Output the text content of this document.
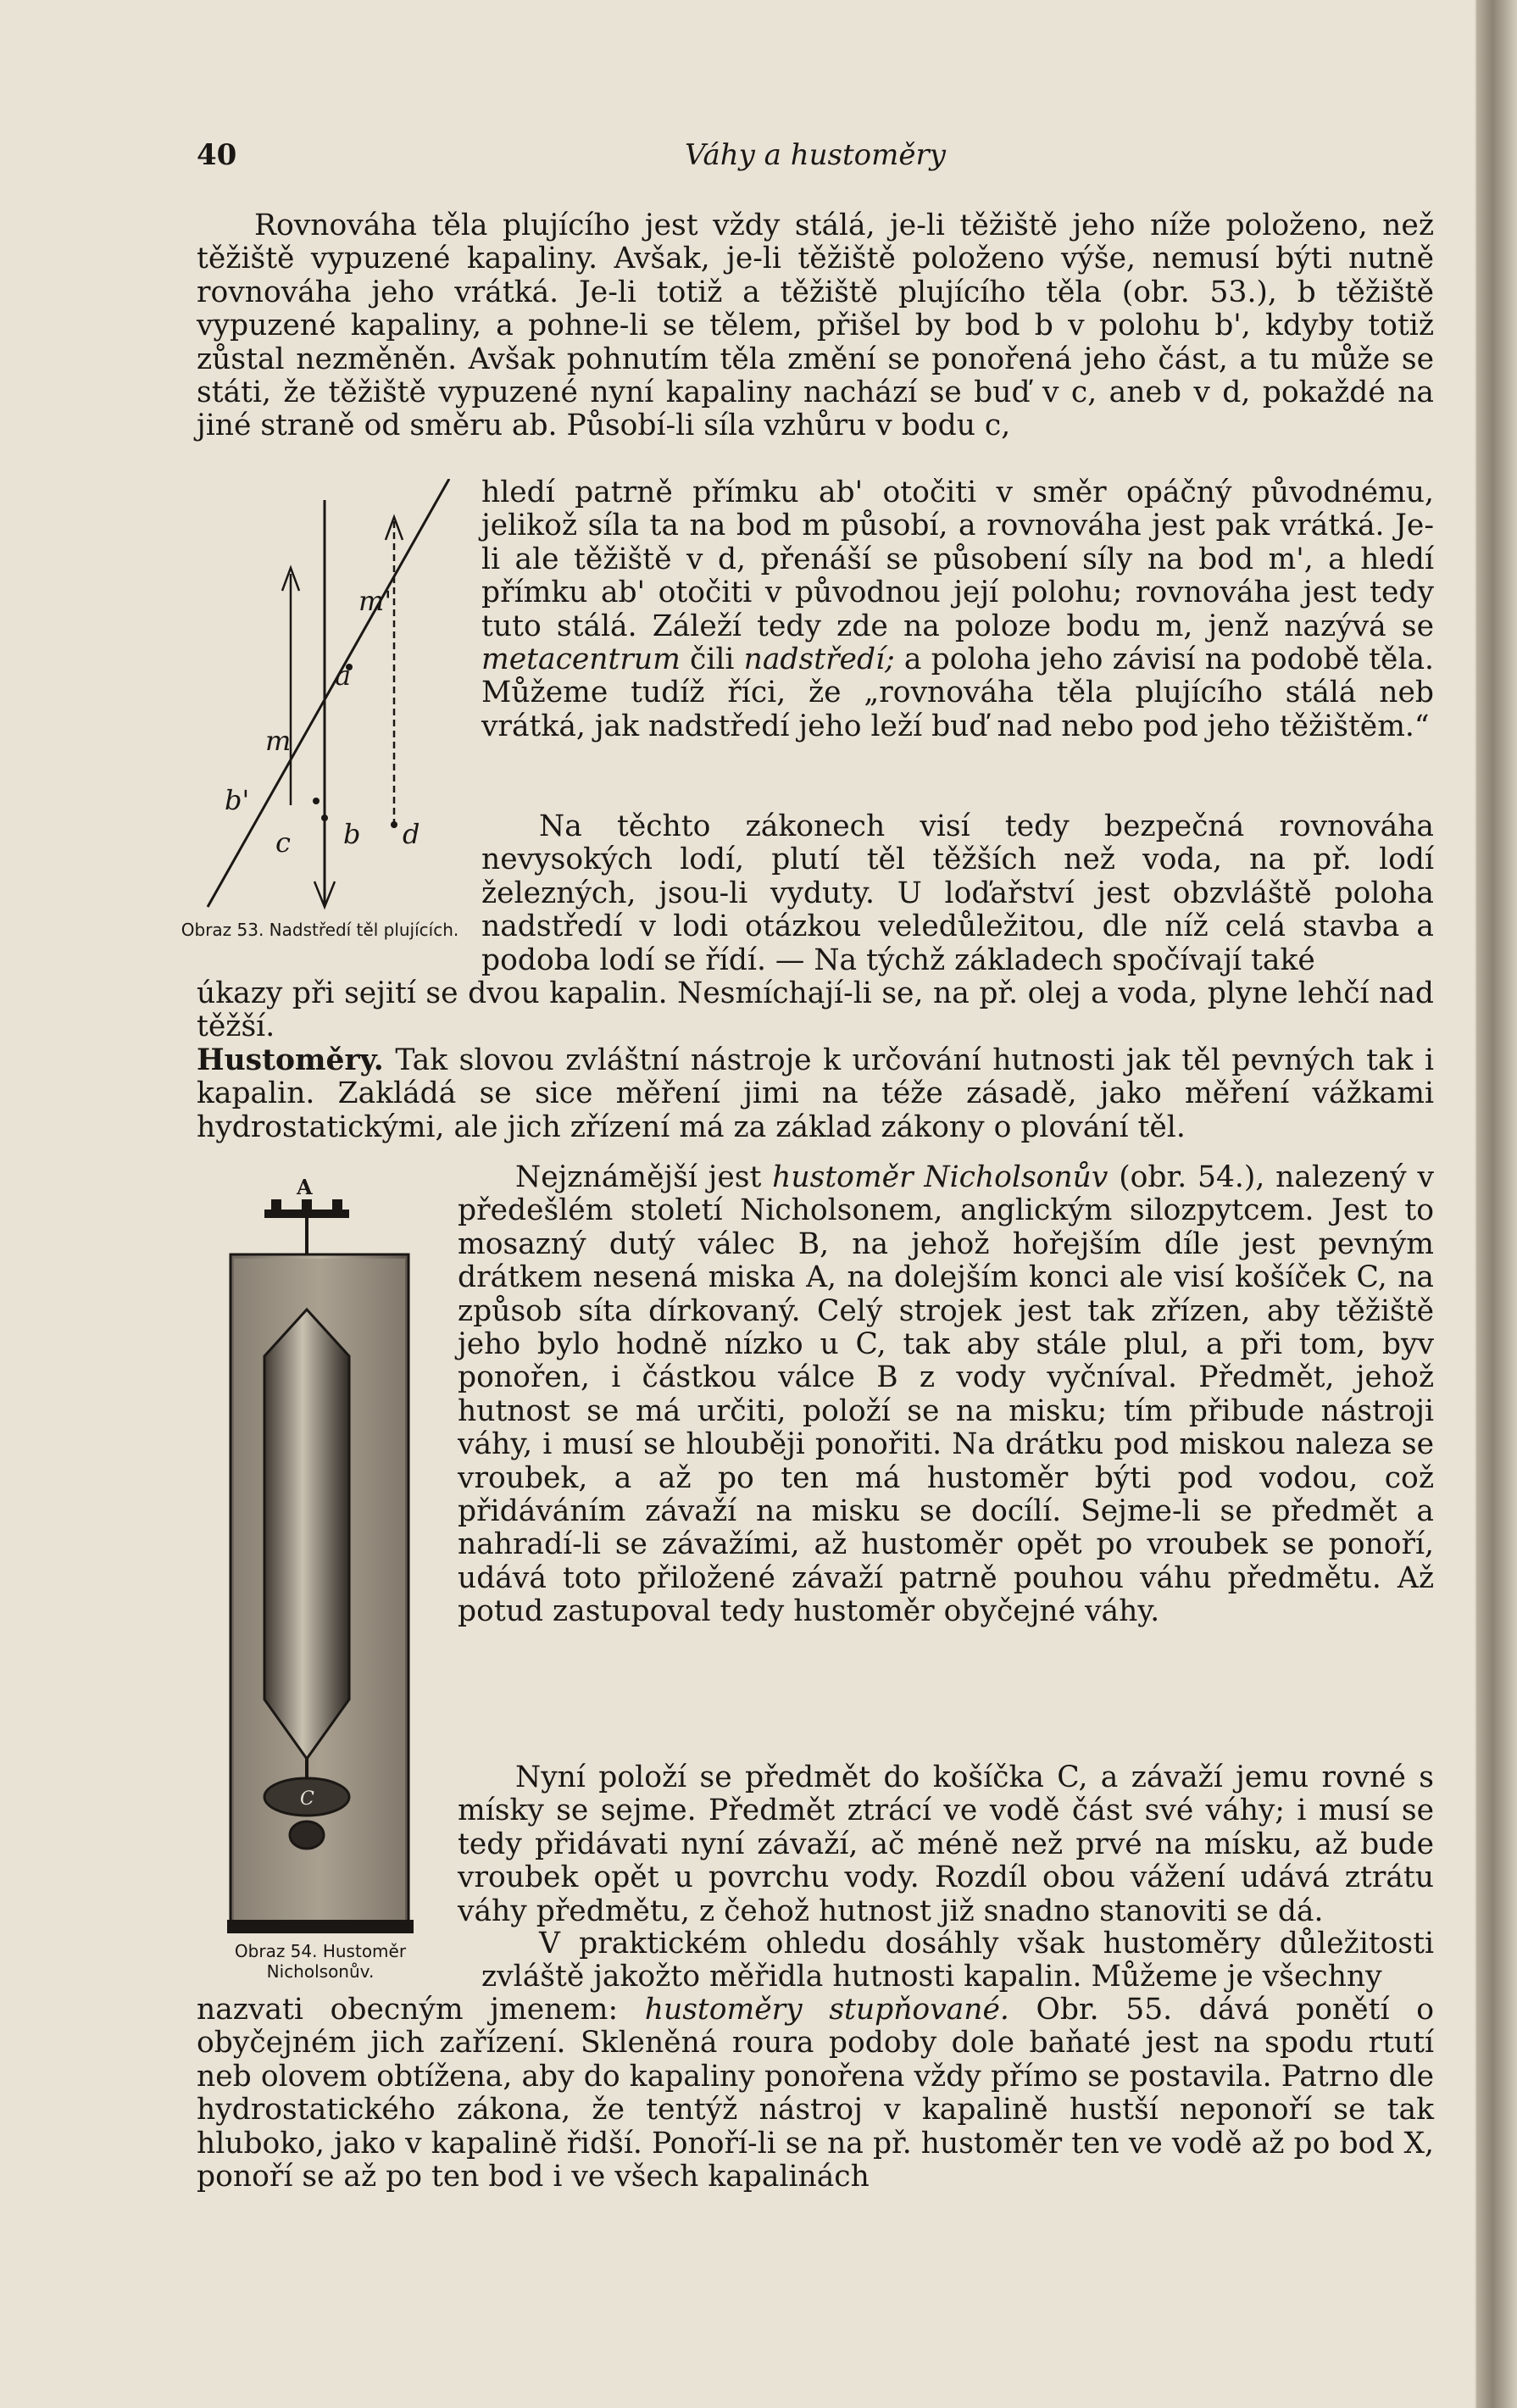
40	Váhy a hustoměry

Rovnováha těla plujícího jest vždy stálá, je-li těžiště jeho níže položeno, než těžiště vypuzené kapaliny. Avšak, je-li těžiště položeno výše, nemusí býti nutně rovnováha jeho vrátká. Je-li totiž a těžiště plujícího těla (obr. 53.), b těžiště vypuzené kapaliny, a pohne-li se tělem, přišel by bod b v polohu b', kdyby totiž zůstal nezměněn. Avšak pohnutím těla změní se ponořená jeho část, a tu může se státi, že těžiště vypuzené nyní kapaliny nachází se buď v c, aneb v d, pokaždé na jiné straně od směru ab. Působí-li síla vzhůru v bodu c,

m'
a
m
b'
c b d
Obraz 53. Nadstředí těl plujících.

hledí patrně přímku ab' otočiti v směr opáčný původnému, jelikož síla ta na bod m působí, a rovnováha jest pak vrátká. Je-li ale těžiště v d, přenáší se působení síly na bod m', a hledí přímku ab' otočiti v původnou její polohu; rovnováha jest tedy tuto stálá. Záleží tedy zde na poloze bodu m, jenž nazývá se metacentrum čili nadstředí; a poloha jeho závisí na podobě těla. Můžeme tudíž říci, že „rovnováha těla plujícího stálá neb vrátká, jak nadstředí jeho leží buď nad nebo pod jeho těžištěm.“

Na těchto zákonech visí tedy bezpečná rovnováha nevysokých lodí, plutí těl těžších než voda, na př. lodí železných, jsou-li vyduty. U loďařství jest obzvláště poloha nadstředí v lodi otázkou veledůležitou, dle níž celá stavba a podoba lodí se řídí. — Na týchž základech spočívají také

úkazy při sejití se dvou kapalin. Nesmíchají-li se, na př. olej a voda, plyne lehčí nad těžší.

Hustoměry. Tak slovou zvláštní nástroje k určování hutnosti jak těl pevných tak i kapalin. Zakládá se sice měření jimi na téže zásadě, jako měření vážkami hydrostatickými, ale jich zřízení má za základ zákony o plování těl.

A
C
Obraz 54. Hustoměr Nicholsonův.

Nejznámější jest hustoměr Nicholsonův (obr. 54.), nalezený v předešlém století Nicholsonem, anglickým silozpytcem. Jest to mosazný dutý válec B, na jehož hořejším díle jest pevným drátkem nesená miska A, na dolejším konci ale visí košíček C, na způsob síta dírkovaný. Celý strojek jest tak zřízen, aby těžiště jeho bylo hodně nízko u C, tak aby stále plul, a při tom, byv ponořen, i částkou válce B z vody vyčníval. Předmět, jehož hutnost se má určiti, položí se na misku; tím přibude nástroji váhy, i musí se hlouběji ponořiti. Na drátku pod miskou naleza se vroubek, a až po ten má hustoměr býti pod vodou, což přidáváním závaží na misku se docílí. Sejme-li se předmět a nahradí-li se závažími, až hustoměr opět po vroubek se ponoří, udává toto přiložené závaží patrně pouhou váhu předmětu. Až potud zastupoval tedy hustoměr obyčejné váhy.

Nyní položí se předmět do košíčka C, a závaží jemu rovné s mísky se sejme. Předmět ztrácí ve vodě část své váhy; i musí se tedy přidávati nyní závaží, ač méně než prvé na mísku, až bude vroubek opět u povrchu vody. Rozdíl obou vážení udává ztrátu váhy předmětu, z čehož hutnost již snadno stanoviti se dá.

V praktickém ohledu dosáhly však hustoměry důležitosti zvláště jakožto měřidla hutnosti kapalin. Můžeme je všechny

nazvati obecným jmenem: hustoměry stupňované. Obr. 55. dává ponětí o obyčejném jich zařízení. Skleněná roura podoby dole baňaté jest na spodu rtutí neb olovem obtížena, aby do kapaliny ponořena vždy přímo se postavila. Patrno dle hydrostatického zákona, že tentýž nástroj v kapalině hustší neponoří se tak hluboko, jako v kapalině řidší. Ponoří-li se na př. hustoměr ten ve vodě až po bod X, ponoří se až po ten bod i ve všech kapalinách
